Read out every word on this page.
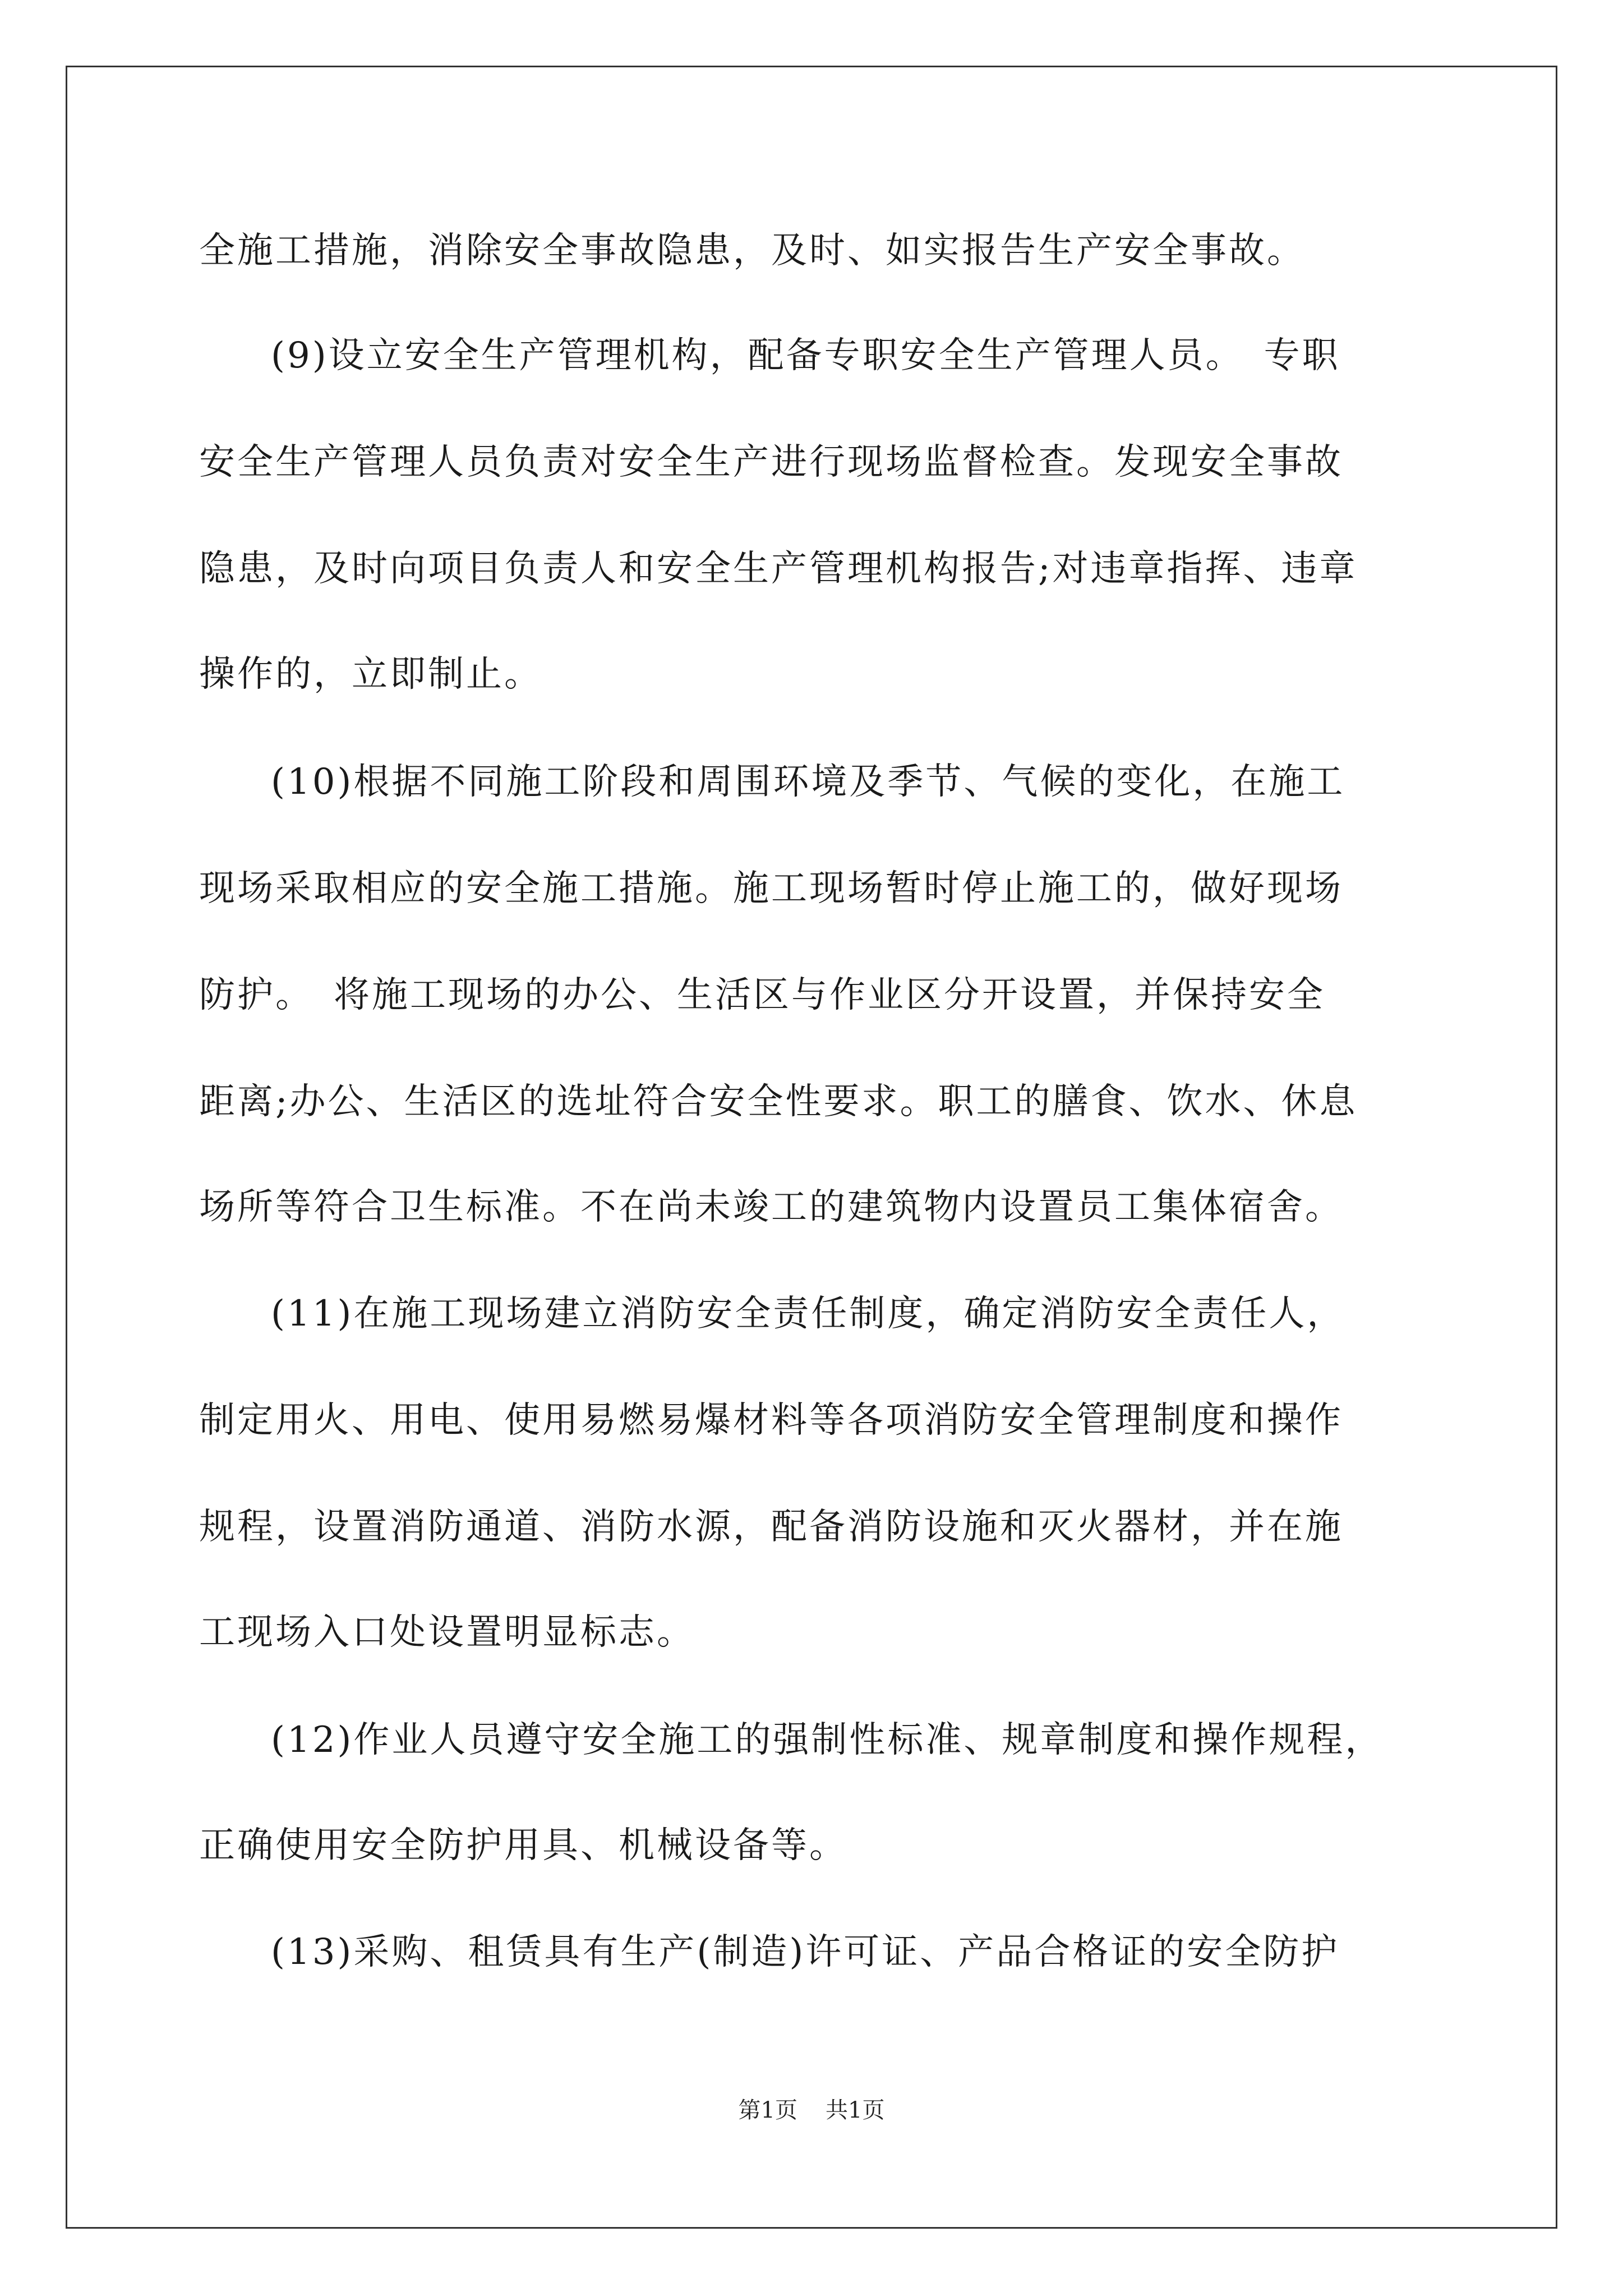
全施工措施，消除安全事故隐患，及时、如实报告生产安全事故。
(9)设立安全生产管理机构，配备专职安全生产管理人员。　专职
安全生产管理人员负责对安全生产进行现场监督检查。发现安全事故
隐患，及时向项目负责人和安全生产管理机构报告;对违章指挥、违章
操作的，立即制止。
(10)根据不同施工阶段和周围环境及季节、气候的变化，在施工
现场采取相应的安全施工措施。施工现场暂时停止施工的，做好现场
防护。　将施工现场的办公、生活区与作业区分开设置，并保持安全
距离;办公、生活区的选址符合安全性要求。职工的膳食、饮水、休息
场所等符合卫生标准。不在尚未竣工的建筑物内设置员工集体宿舍。
(11)在施工现场建立消防安全责任制度，确定消防安全责任人，
制定用火、用电、使用易燃易爆材料等各项消防安全管理制度和操作
规程，设置消防通道、消防水源，配备消防设施和灭火器材，并在施
工现场入口处设置明显标志。
(12)作业人员遵守安全施工的强制性标准、规章制度和操作规程，
正确使用安全防护用具、机械设备等。
(13)采购、租赁具有生产(制造)许可证、产品合格证的安全防护
第1页 共1页
